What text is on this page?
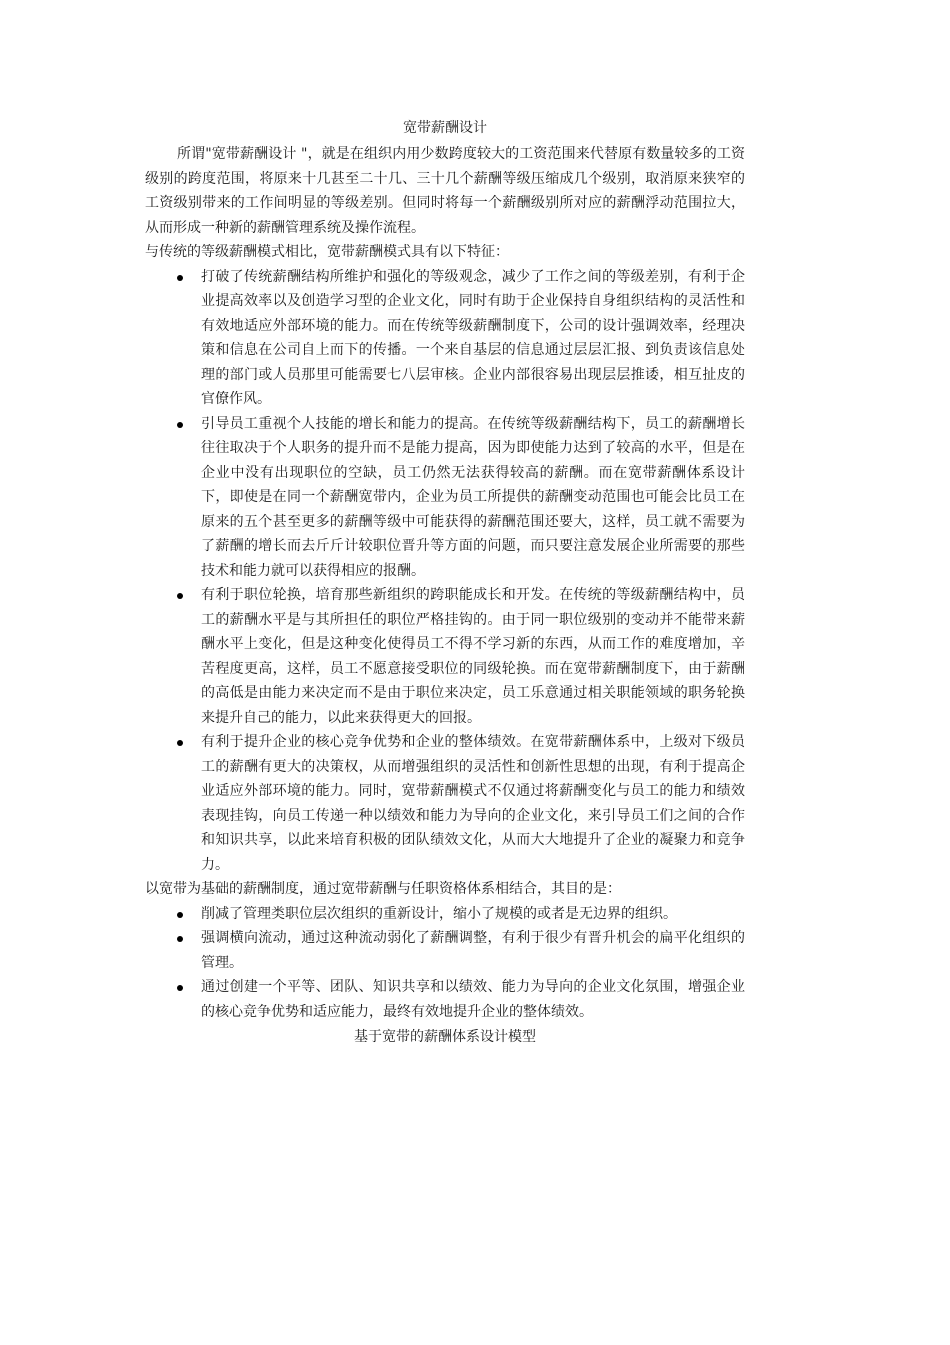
宽带薪酬设计

所谓"宽带薪酬设计 "，就是在组织内用少数跨度较大的工资范围来代替原有数量较多的工资级别的跨度范围，将原来十几甚至二十几、三十几个薪酬等级压缩成几个级别，取消原来狭窄的工资级别带来的工作间明显的等级差别。但同时将每一个薪酬级别所对应的薪酬浮动范围拉大，从而形成一种新的薪酬管理系统及操作流程。

与传统的等级薪酬模式相比，宽带薪酬模式具有以下特征：

打破了传统薪酬结构所维护和强化的等级观念，减少了工作之间的等级差别，有利于企业提高效率以及创造学习型的企业文化，同时有助于企业保持自身组织结构的灵活性和有效地适应外部环境的能力。而在传统等级薪酬制度下，公司的设计强调效率，经理决策和信息在公司自上而下的传播。一个来自基层的信息通过层层汇报、到负责该信息处理的部门或人员那里可能需要七八层审核。企业内部很容易出现层层推诿，相互扯皮的官僚作风。
引导员工重视个人技能的增长和能力的提高。在传统等级薪酬结构下，员工的薪酬增长往往取决于个人职务的提升而不是能力提高，因为即使能力达到了较高的水平，但是在企业中没有出现职位的空缺，员工仍然无法获得较高的薪酬。而在宽带薪酬体系设计下，即使是在同一个薪酬宽带内，企业为员工所提供的薪酬变动范围也可能会比员工在原来的五个甚至更多的薪酬等级中可能获得的薪酬范围还要大，这样，员工就不需要为了薪酬的增长而去斤斤计较职位晋升等方面的问题，而只要注意发展企业所需要的那些技术和能力就可以获得相应的报酬。
有利于职位轮换，培育那些新组织的跨职能成长和开发。在传统的等级薪酬结构中，员工的薪酬水平是与其所担任的职位严格挂钩的。由于同一职位级别的变动并不能带来薪酬水平上变化，但是这种变化使得员工不得不学习新的东西，从而工作的难度增加，辛苦程度更高，这样，员工不愿意接受职位的同级轮换。而在宽带薪酬制度下，由于薪酬的高低是由能力来决定而不是由于职位来决定，员工乐意通过相关职能领域的职务轮换来提升自己的能力，以此来获得更大的回报。
有利于提升企业的核心竞争优势和企业的整体绩效。在宽带薪酬体系中，上级对下级员工的薪酬有更大的决策权，从而增强组织的灵活性和创新性思想的出现，有利于提高企业适应外部环境的能力。同时，宽带薪酬模式不仅通过将薪酬变化与员工的能力和绩效表现挂钩，向员工传递一种以绩效和能力为导向的企业文化，来引导员工们之间的合作和知识共享，以此来培育积极的团队绩效文化，从而大大地提升了企业的凝聚力和竞争力。

以宽带为基础的薪酬制度，通过宽带薪酬与任职资格体系相结合，其目的是：

削减了管理类职位层次组织的重新设计，缩小了规模的或者是无边界的组织。
强调横向流动，通过这种流动弱化了薪酬调整，有利于很少有晋升机会的扁平化组织的管理。
通过创建一个平等、团队、知识共享和以绩效、能力为导向的企业文化氛围，增强企业的核心竞争优势和适应能力，最终有效地提升企业的整体绩效。
基于宽带的薪酬体系设计模型
